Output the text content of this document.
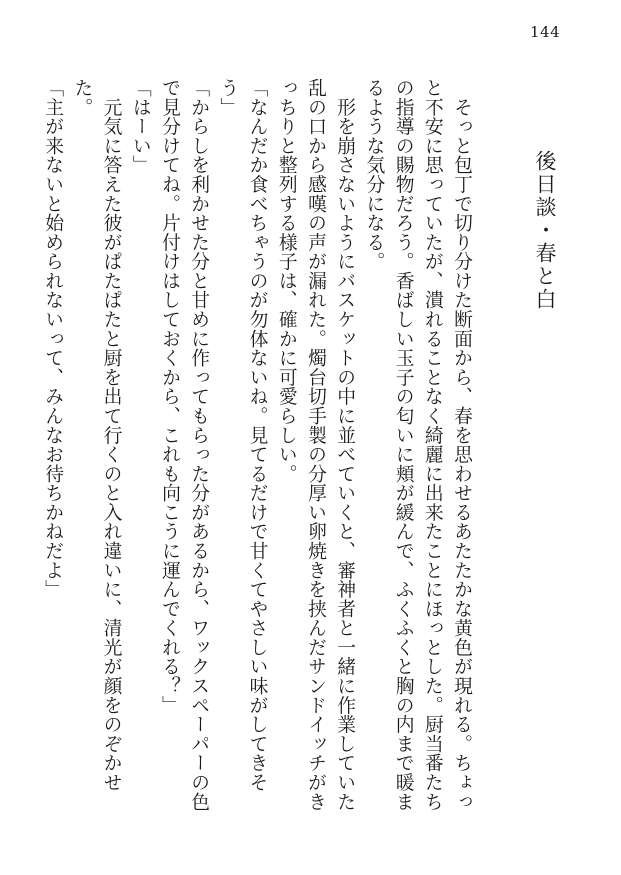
144
後日談・春と白

　そっと包丁で切り分けた断面から、春を思わせるあたたかな黄色が現れる。ちょっと不安に思っていたが、潰れることなく綺麗に出来たことにほっとした。厨当番たちの指導の賜物だろう。香ばしい玉子の匂いに頬が緩んで、ふくふくと胸の内まで暖まるような気分になる。

　形を崩さないようにバスケットの中に並べていくと、審神者と一緒に作業していた乱の口から感嘆の声が漏れた。燭台切手製の分厚い卵焼きを挟んだサンドイッチがきっちりと整列する様子は、確かに可愛らしい。

「なんだか食べちゃうのが勿体ないね。見てるだけで甘くてやさしい味がしてきそう」

「からしを利かせた分と甘めに作ってもらった分があるから、ワックスペーパーの色で見分けてね。片付けはしておくから、これも向こうに運んでくれる？」

「はーい」

　元気に答えた彼がぱたぱたと厨を出て行くのと入れ違いに、清光が顔をのぞかせた。

「主が来ないと始められないって、みんなお待ちかねだよ」
